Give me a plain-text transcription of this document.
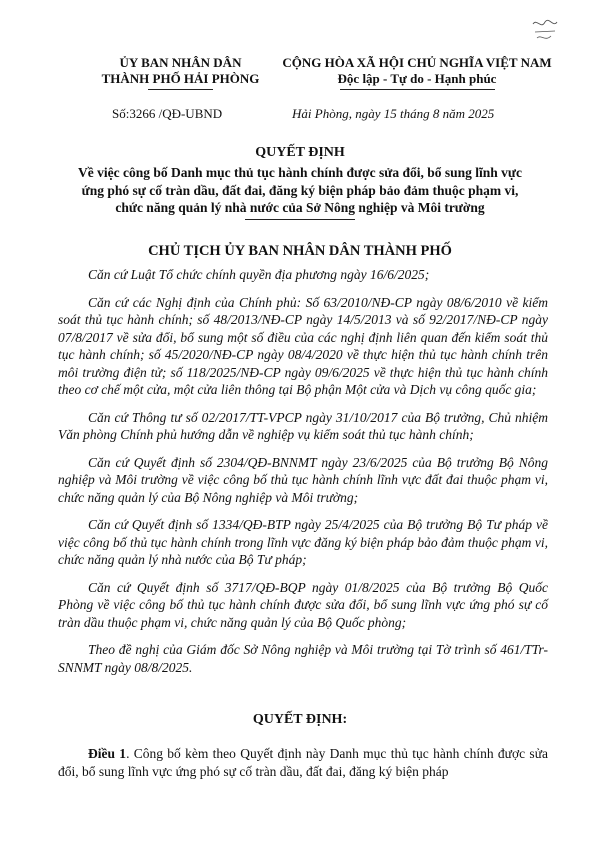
ỦY BAN NHÂN DÂN
THÀNH PHỐ HẢI PHÒNG
CỘNG HÒA XÃ HỘI CHỦ NGHĨA VIỆT NAM
Độc lập - Tự do - Hạnh phúc
Số:3266 /QĐ-UBND	Hải Phòng, ngày 15 tháng 8 năm 2025
QUYẾT ĐỊNH
Về việc công bố Danh mục thủ tục hành chính được sửa đổi, bổ sung lĩnh vực ứng phó sự cố tràn dầu, đất đai, đăng ký biện pháp bảo đảm thuộc phạm vi, chức năng quản lý nhà nước của Sở Nông nghiệp và Môi trường
CHỦ TỊCH ỦY BAN NHÂN DÂN THÀNH PHỐ

Căn cứ Luật Tổ chức chính quyền địa phương ngày 16/6/2025;

Căn cứ các Nghị định của Chính phủ: Số 63/2010/NĐ-CP ngày 08/6/2010 về kiểm soát thủ tục hành chính; số 48/2013/NĐ-CP ngày 14/5/2013 và số 92/2017/NĐ-CP ngày 07/8/2017 về sửa đổi, bổ sung một số điều của các nghị định liên quan đến kiểm soát thủ tục hành chính; số 45/2020/NĐ-CP ngày 08/4/2020 về thực hiện thủ tục hành chính trên môi trường điện tử; số 118/2025/NĐ-CP ngày 09/6/2025 về thực hiện thủ tục hành chính theo cơ chế một cửa, một cửa liên thông tại Bộ phận Một cửa và Dịch vụ công quốc gia;

Căn cứ Thông tư số 02/2017/TT-VPCP ngày 31/10/2017 của Bộ trưởng, Chủ nhiệm Văn phòng Chính phủ hướng dẫn về nghiệp vụ kiểm soát thủ tục hành chính;

Căn cứ Quyết định số 2304/QĐ-BNNMT ngày 23/6/2025 của Bộ trưởng Bộ Nông nghiệp và Môi trường về việc công bố thủ tục hành chính lĩnh vực đất đai thuộc phạm vi, chức năng quản lý của Bộ Nông nghiệp và Môi trường;

Căn cứ Quyết định số 1334/QĐ-BTP ngày 25/4/2025 của Bộ trưởng Bộ Tư pháp về việc công bố thủ tục hành chính trong lĩnh vực đăng ký biện pháp bảo đảm thuộc phạm vi, chức năng quản lý nhà nước của Bộ Tư pháp;

Căn cứ Quyết định số 3717/QĐ-BQP ngày 01/8/2025 của Bộ trưởng Bộ Quốc Phòng về việc công bố thủ tục hành chính được sửa đổi, bổ sung lĩnh vực ứng phó sự cố tràn dầu thuộc phạm vi, chức năng quản lý của Bộ Quốc phòng;

Theo đề nghị của Giám đốc Sở Nông nghiệp và Môi trường tại Tờ trình số 461/TTr-SNNMT ngày 08/8/2025.

QUYẾT ĐỊNH:
Điều 1. Công bố kèm theo Quyết định này Danh mục thủ tục hành chính được sửa đổi, bổ sung lĩnh vực ứng phó sự cố tràn dầu, đất đai, đăng ký biện pháp
